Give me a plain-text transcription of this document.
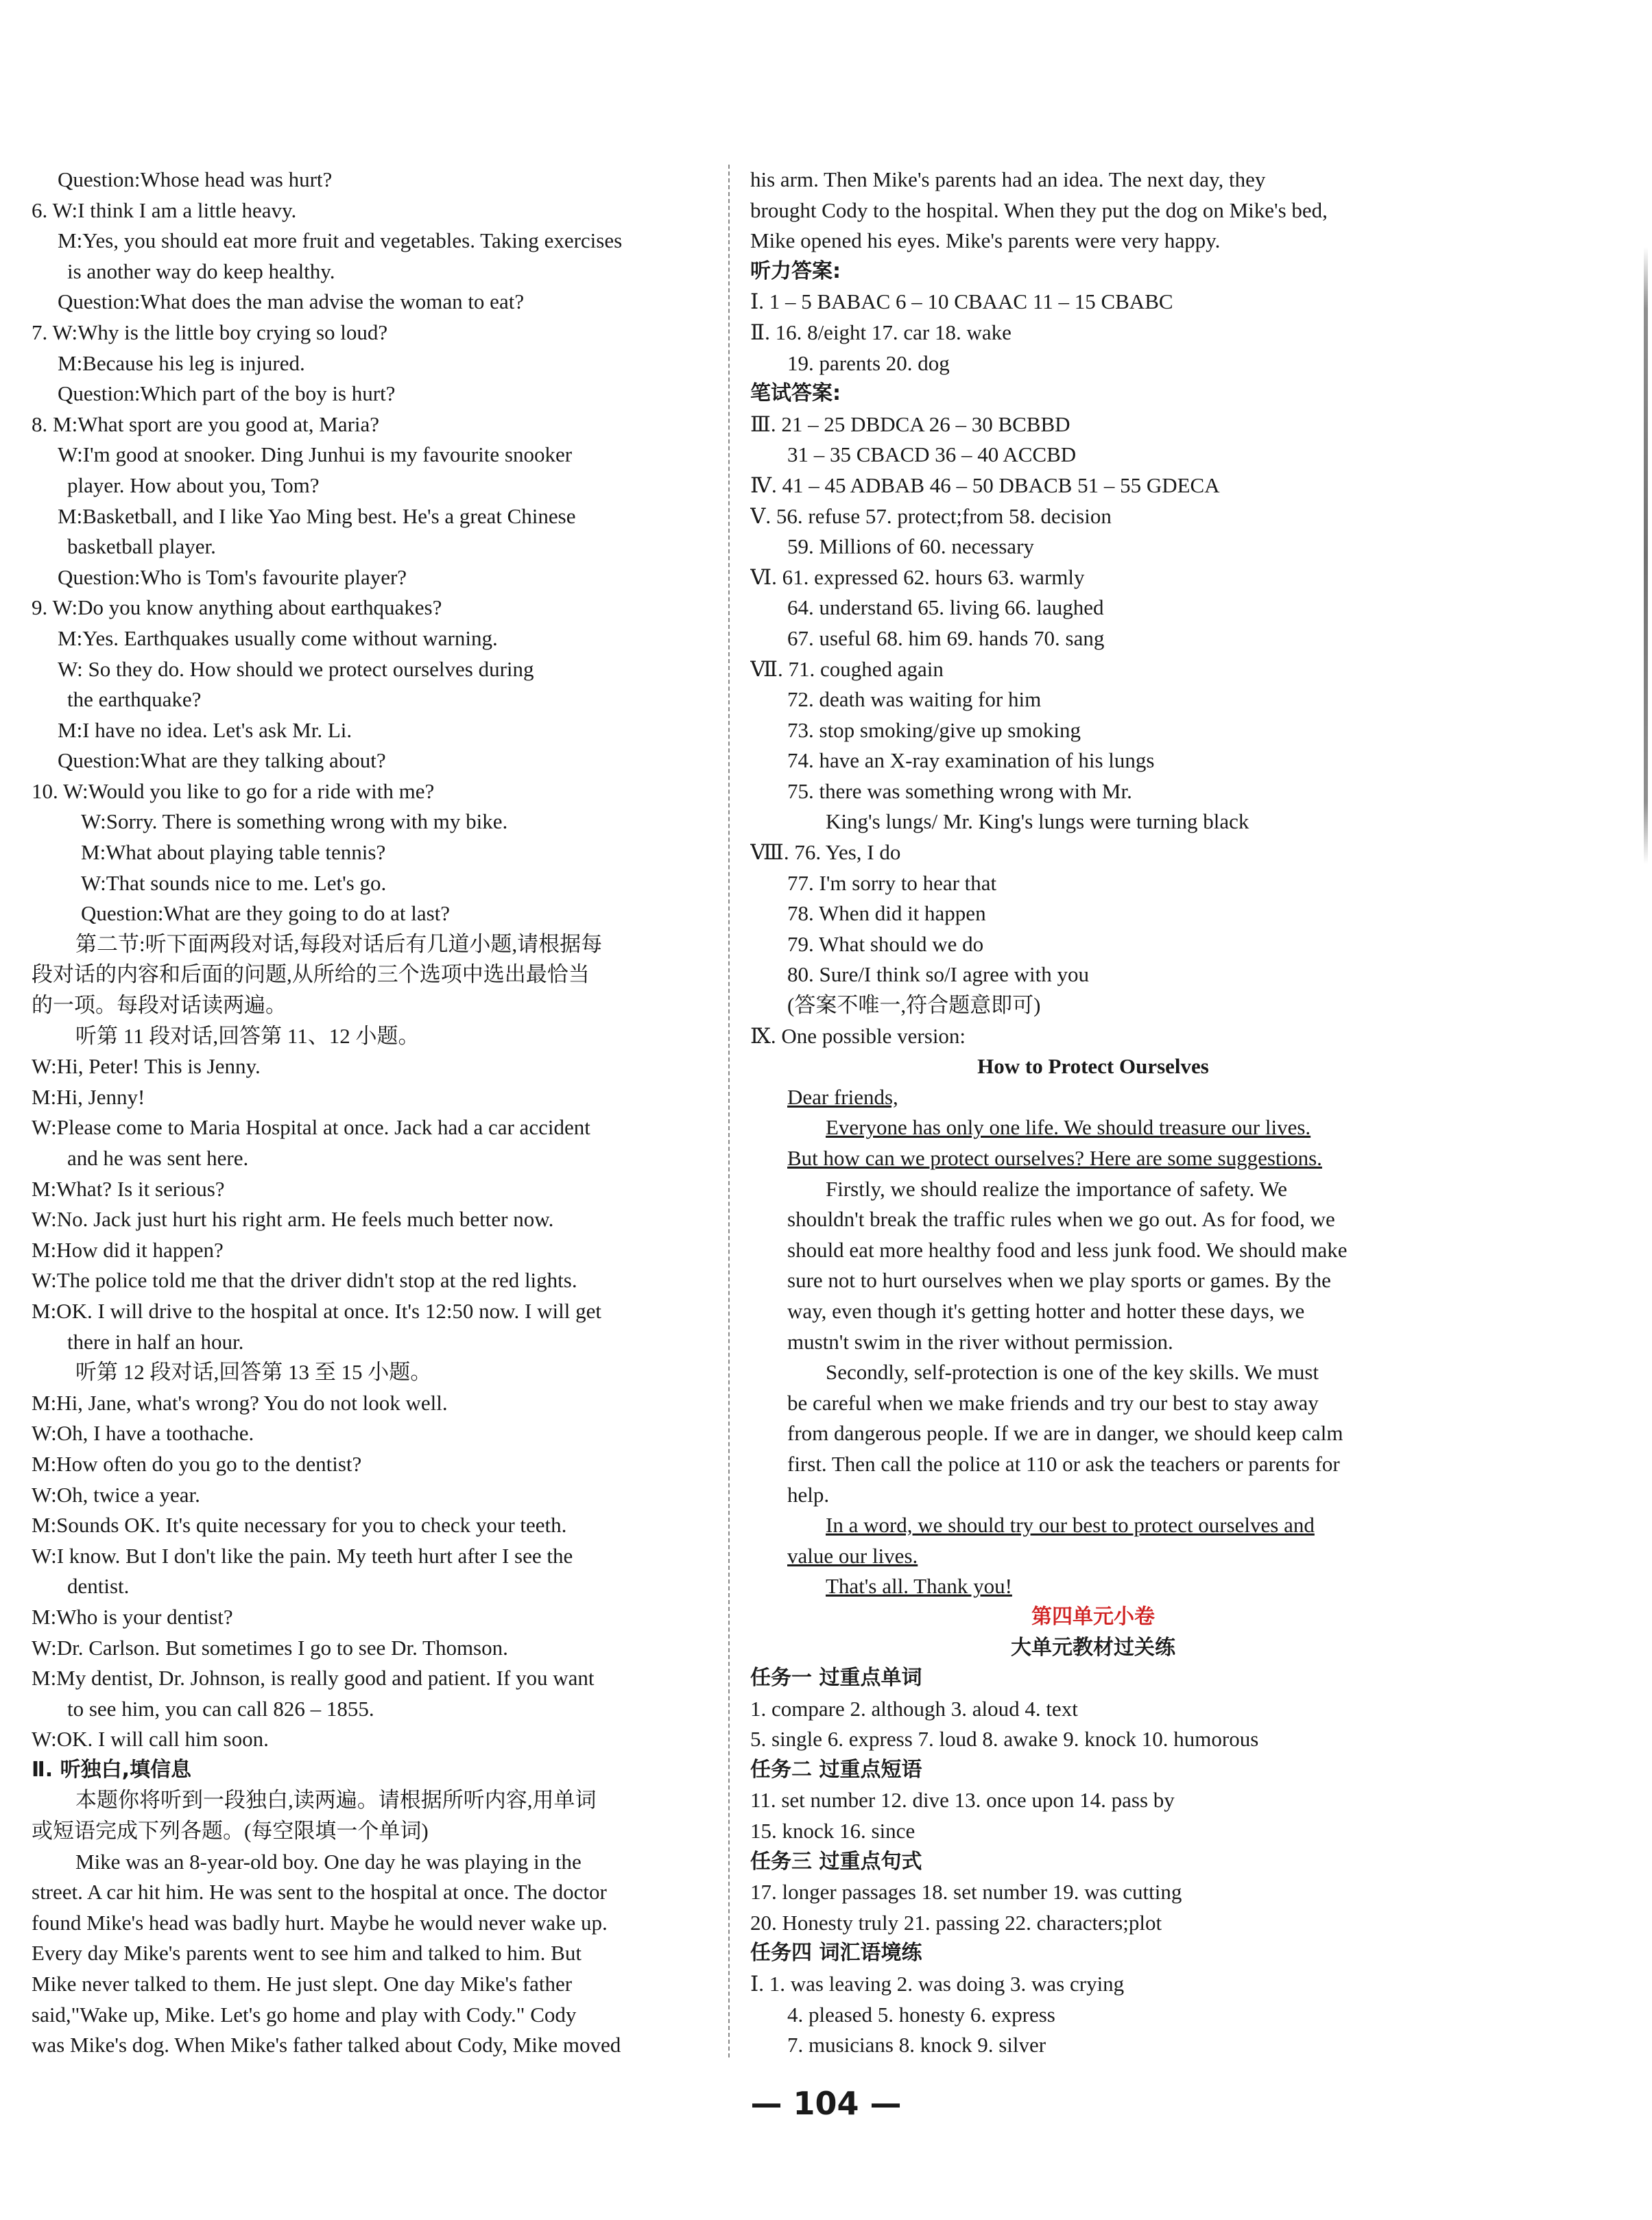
Question:Whose head was hurt?
6. W:I think I am a little heavy.
M:Yes, you should eat more fruit and vegetables. Taking exercises
is another way do keep healthy.
Question:What does the man advise the woman to eat?
7. W:Why is the little boy crying so loud?
M:Because his leg is injured.
Question:Which part of the boy is hurt?
8. M:What sport are you good at, Maria?
W:I'm good at snooker. Ding Junhui is my favourite snooker
player. How about you, Tom?
M:Basketball, and I like Yao Ming best. He's a great Chinese
basketball player.
Question:Who is Tom's favourite player?
9. W:Do you know anything about earthquakes?
M:Yes. Earthquakes usually come without warning.
W: So they do. How should we protect ourselves during
the earthquake?
M:I have no idea. Let's ask Mr. Li.
Question:What are they talking about?
10. W:Would you like to go for a ride with me?
W:Sorry. There is something wrong with my bike.
M:What about playing table tennis?
W:That sounds nice to me. Let's go.
Question:What are they going to do at last?
第二节:听下面两段对话,每段对话后有几道小题,请根据每
段对话的内容和后面的问题,从所给的三个选项中选出最恰当
的一项。每段对话读两遍。
听第 11 段对话,回答第 11、12 小题。
W:Hi, Peter! This is Jenny.
M:Hi, Jenny!
W:Please come to Maria Hospital at once. Jack had a car accident
and he was sent here.
M:What? Is it serious?
W:No. Jack just hurt his right arm. He feels much better now.
M:How did it happen?
W:The police told me that the driver didn't stop at the red lights.
M:OK. I will drive to the hospital at once. It's 12:50 now. I will get
there in half an hour.
听第 12 段对话,回答第 13 至 15 小题。
M:Hi, Jane, what's wrong? You do not look well.
W:Oh, I have a toothache.
M:How often do you go to the dentist?
W:Oh, twice a year.
M:Sounds OK. It's quite necessary for you to check your teeth.
W:I know. But I don't like the pain. My teeth hurt after I see the
dentist.
M:Who is your dentist?
W:Dr. Carlson. But sometimes I go to see Dr. Thomson.
M:My dentist, Dr. Johnson, is really good and patient. If you want
to see him, you can call 826 – 1855.
W:OK. I will call him soon.
Ⅱ. 听独白,填信息
本题你将听到一段独白,读两遍。请根据所听内容,用单词
或短语完成下列各题。(每空限填一个单词)
Mike was an 8-year-old boy. One day he was playing in the
street. A car hit him. He was sent to the hospital at once. The doctor
found Mike's head was badly hurt. Maybe he would never wake up.
Every day Mike's parents went to see him and talked to him. But
Mike never talked to them. He just slept. One day Mike's father
said,"Wake up, Mike. Let's go home and play with Cody." Cody
was Mike's dog. When Mike's father talked about Cody, Mike moved
his arm. Then Mike's parents had an idea. The next day, they
brought Cody to the hospital. When they put the dog on Mike's bed,
Mike opened his eyes. Mike's parents were very happy.
听力答案:
Ⅰ. 1 – 5 BABAC 6 – 10 CBAAC 11 – 15 CBABC
Ⅱ. 16. 8/eight 17. car 18. wake
19. parents 20. dog
笔试答案:
Ⅲ. 21 – 25 DBDCA 26 – 30 BCBBD
31 – 35 CBACD 36 – 40 ACCBD
Ⅳ. 41 – 45 ADBAB 46 – 50 DBACB 51 – 55 GDECA
Ⅴ. 56. refuse 57. protect;from 58. decision
59. Millions of 60. necessary
Ⅵ. 61. expressed 62. hours 63. warmly
64. understand 65. living 66. laughed
67. useful 68. him 69. hands 70. sang
Ⅶ. 71. coughed again
72. death was waiting for him
73. stop smoking/give up smoking
74. have an X-ray examination of his lungs
75. there was something wrong with Mr.
King's lungs/ Mr. King's lungs were turning black
Ⅷ. 76. Yes, I do
77. I'm sorry to hear that
78. When did it happen
79. What should we do
80. Sure/I think so/I agree with you
(答案不唯一,符合题意即可)
Ⅸ. One possible version:
How to Protect Ourselves
Dear friends,
Everyone has only one life. We should treasure our lives.
But how can we protect ourselves? Here are some suggestions.
Firstly, we should realize the importance of safety. We
shouldn't break the traffic rules when we go out. As for food, we
should eat more healthy food and less junk food. We should make
sure not to hurt ourselves when we play sports or games. By the
way, even though it's getting hotter and hotter these days, we
mustn't swim in the river without permission.
Secondly, self-protection is one of the key skills. We must
be careful when we make friends and try our best to stay away
from dangerous people. If we are in danger, we should keep calm
first. Then call the police at 110 or ask the teachers or parents for
help.
In a word, we should try our best to protect ourselves and
value our lives.
That's all. Thank you!
第四单元小卷
大单元教材过关练
任务一 过重点单词
1. compare 2. although 3. aloud 4. text
5. single 6. express 7. loud 8. awake 9. knock 10. humorous
任务二 过重点短语
11. set number 12. dive 13. once upon 14. pass by
15. knock 16. since
任务三 过重点句式
17. longer passages 18. set number 19. was cutting
20. Honesty truly 21. passing 22. characters;plot
任务四 词汇语境练
Ⅰ. 1. was leaving 2. was doing 3. was crying
4. pleased 5. honesty 6. express
7. musicians 8. knock 9. silver
— 104 —
